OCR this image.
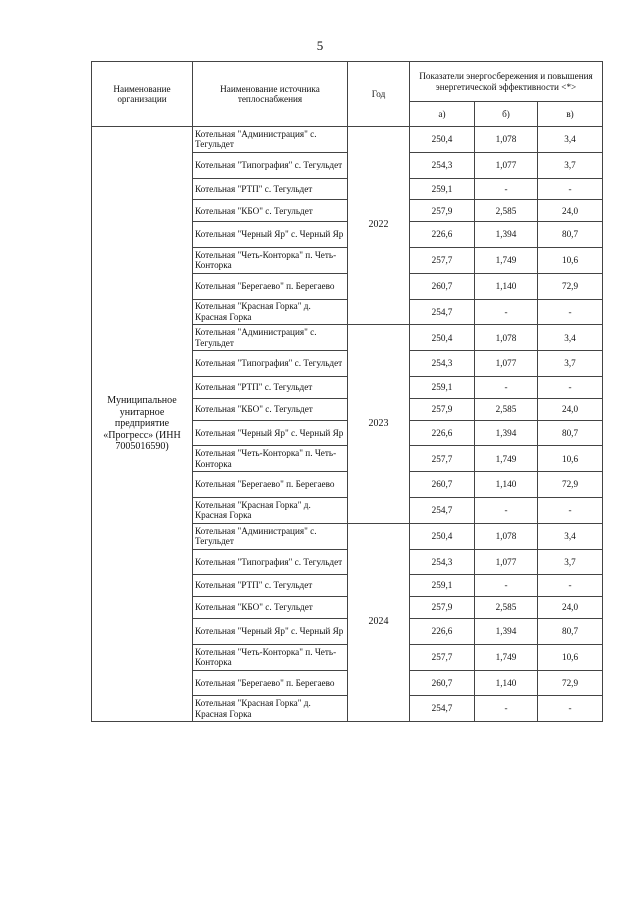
5
Наименование организации	Наименование источника теплоснабжения	Год	Показатели энергосбережения и повышения энергетической эффективности <*>		
			а)	б)	в)
Муниципальное унитарное предприятие «Прогресс» (ИНН 7005016590)	Котельная "Администрация" с. Тегульдет	2022	250,4	1,078	3,4
	Котельная "Типография" с. Тегульдет		254,3	1,077	3,7
	Котельная "РТП" с. Тегульдет		259,1	-	-
	Котельная "КБО" с. Тегульдет		257,9	2,585	24,0
	Котельная "Черный Яр" с. Черный Яр		226,6	1,394	80,7
	Котельная "Четь-Конторка" п. Четь-Конторка		257,7	1,749	10,6
	Котельная "Берегаево" п. Берегаево		260,7	1,140	72,9
	Котельная "Красная Горка" д. Красная Горка		254,7	-	-
	Котельная "Администрация" с. Тегульдет	2023	250,4	1,078	3,4
	Котельная "Типография" с. Тегульдет		254,3	1,077	3,7
	Котельная "РТП" с. Тегульдет		259,1	-	-
	Котельная "КБО" с. Тегульдет		257,9	2,585	24,0
	Котельная "Черный Яр" с. Черный Яр		226,6	1,394	80,7
	Котельная "Четь-Конторка" п. Четь-Конторка		257,7	1,749	10,6
	Котельная "Берегаево" п. Берегаево		260,7	1,140	72,9
	Котельная "Красная Горка" д. Красная Горка		254,7	-	-
	Котельная "Администрация" с. Тегульдет	2024	250,4	1,078	3,4
	Котельная "Типография" с. Тегульдет		254,3	1,077	3,7
	Котельная "РТП" с. Тегульдет		259,1	-	-
	Котельная "КБО" с. Тегульдет		257,9	2,585	24,0
	Котельная "Черный Яр" с. Черный Яр		226,6	1,394	80,7
	Котельная "Четь-Конторка" п. Четь-Конторка		257,7	1,749	10,6
	Котельная "Берегаево" п. Берегаево		260,7	1,140	72,9
	Котельная "Красная Горка" д. Красная Горка		254,7	-	-
